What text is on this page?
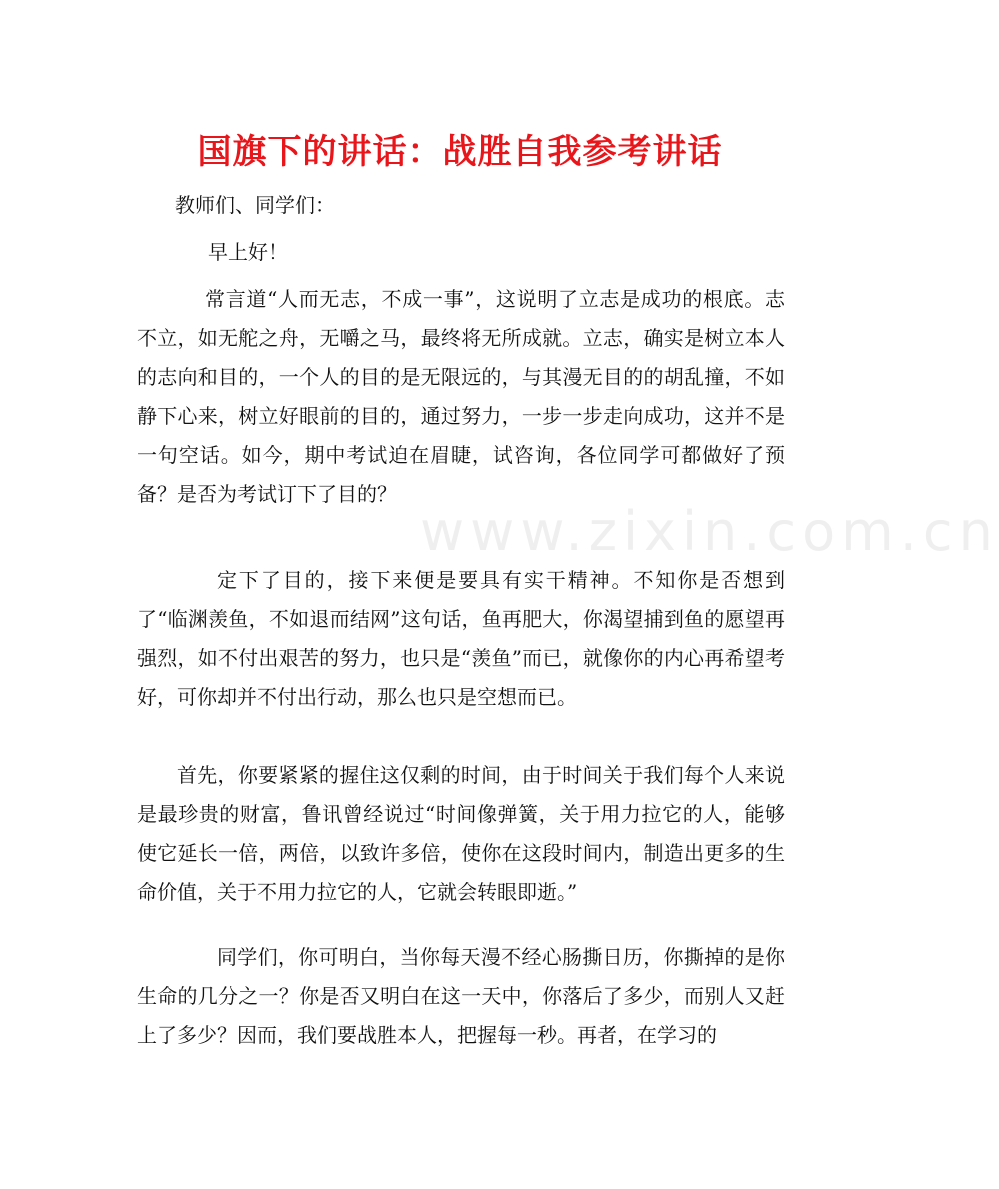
国旗下的讲话：战胜自我参考讲话

教师们、同学们：

早上好！

常言道“人而无志，不成一事”，这说明了立志是成功的根底。志不立，如无舵之舟，无嚼之马，最终将无所成就。立志，确实是树立本人的志向和目的，一个人的目的是无限远的，与其漫无目的的胡乱撞，不如静下心来，树立好眼前的目的，通过努力，一步一步走向成功，这并不是一句空话。如今，期中考试迫在眉睫，试咨询，各位同学可都做好了预备？是否为考试订下了目的？

定下了目的，接下来便是要具有实干精神。不知你是否想到了“临渊羡鱼，不如退而结网”这句话，鱼再肥大，你渴望捕到鱼的愿望再强烈，如不付出艰苦的努力，也只是“羡鱼”而已，就像你的内心再希望考好，可你却并不付出行动，那么也只是空想而已。

首先，你要紧紧的握住这仅剩的时间，由于时间关于我们每个人来说是最珍贵的财富，鲁讯曾经说过“时间像弹簧，关于用力拉它的人，能够使它延长一倍，两倍，以致许多倍，使你在这段时间内，制造出更多的生命价值，关于不用力拉它的人，它就会转眼即逝。”

同学们，你可明白，当你每天漫不经心肠撕日历，你撕掉的是你生命的几分之一？你是否又明白在这一天中，你落后了多少，而别人又赶上了多少？因而，我们要战胜本人，把握每一秒。再者，在学习的

www.zixin.com.cn
